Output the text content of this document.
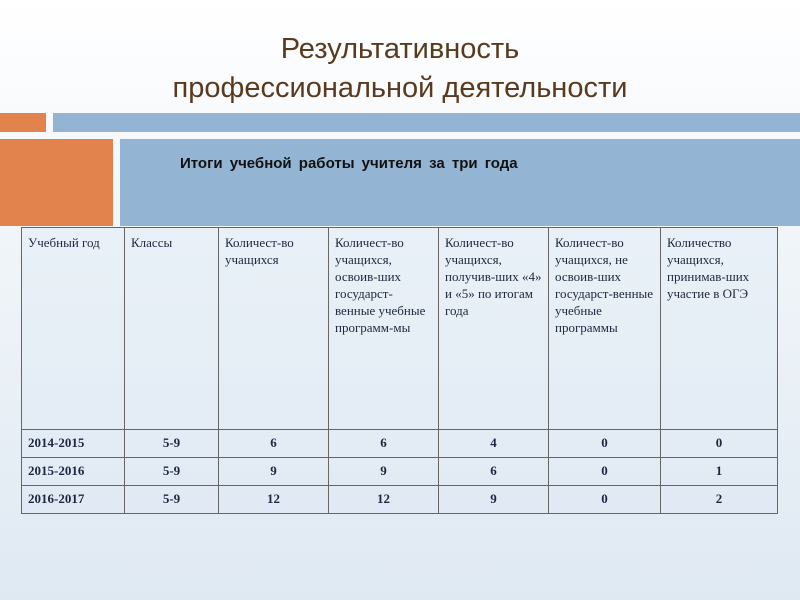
Результативность
профессиональной деятельности
Итоги учебной работы учителя за три года
Учебный год	Классы	Количест-во учащихся	Количест-во учащихся, освоив-ших государст-венные учебные программ-мы	Количест-во учащихся, получив-ших «4» и «5» по итогам года	Количест-во учащихся, не освоив-ших государст-венные учебные программы	Количество учащихся, принимав-ших участие в ОГЭ
2014-2015	5-9	6	6	4	0	0
2015-2016	5-9	9	9	6	0	1
2016-2017	5-9	12	12	9	0	2
